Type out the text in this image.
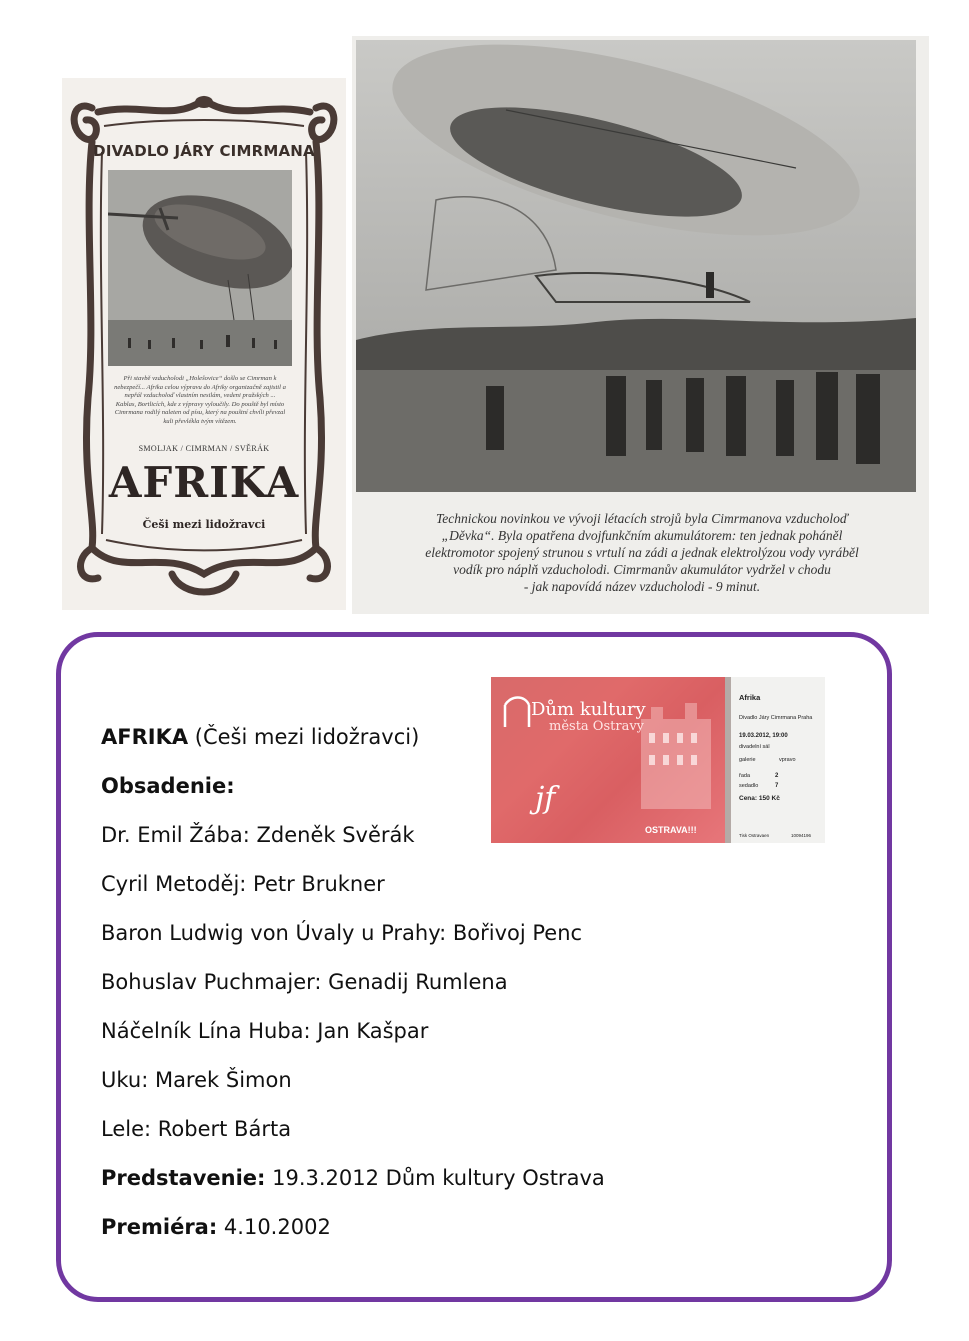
DIVADLO JÁRY CIMRMANA
Při stavbě vzducholodi „Holešovice“ došlo se Cimrman k nebezpečí... Afrika celou výpravu do Afriky organizačně zajistil a nepřál vzducholoď vlastním nesilám, vedeni pražských ... Kablas, Bortlicích, kde z výpravy vyloučily. Do pouště byl místo Cimrmana rodilý naleten od písu, který na pouštní chvíli převzal kuli převlékla tvým vítězem.
SMOLJAK / CIMRMAN / SVĚRÁK
AFRIKA
Češi mezi lidožravci	Technickou novinkou ve vývoji létacích strojů byla Cimrmanova vzducholoď
„Děvka“. Byla opatřena dvojfunkčním akumulátorem: ten jednak poháněl
elektromotor spojený strunou s vrtulí na zádi a jednak elektrolýzou vody vyráběl
vodík pro náplň vzducholodi. Cimrmanův akumulátor vydržel v chodu
- jak napovídá název vzducholodi - 9 minut.
Dům kultury
města Ostravy
jf
OSTRAVA!!!
Afrika
Divadlo Járy Cimrmana Praha
19.03.2012, 19:00
divadelní sál
galerie	vpravo
řada	2
sedadlo	7
Cena: 150 Kč
Tisk Ostravaen	10094196
AFRIKA (Češi mezi lidožravci)
Obsadenie:
Dr. Emil Žába: Zdeněk Svěrák
Cyril Metoděj: Petr Brukner
Baron Ludwig von Úvaly u Prahy: Bořivoj Penc
Bohuslav Puchmajer: Genadij Rumlena
Náčelník Lína Huba: Jan Kašpar
Uku: Marek Šimon
Lele: Robert Bárta
Predstavenie: 19.3.2012 Dům kultury Ostrava
Premiéra: 4.10.2002
